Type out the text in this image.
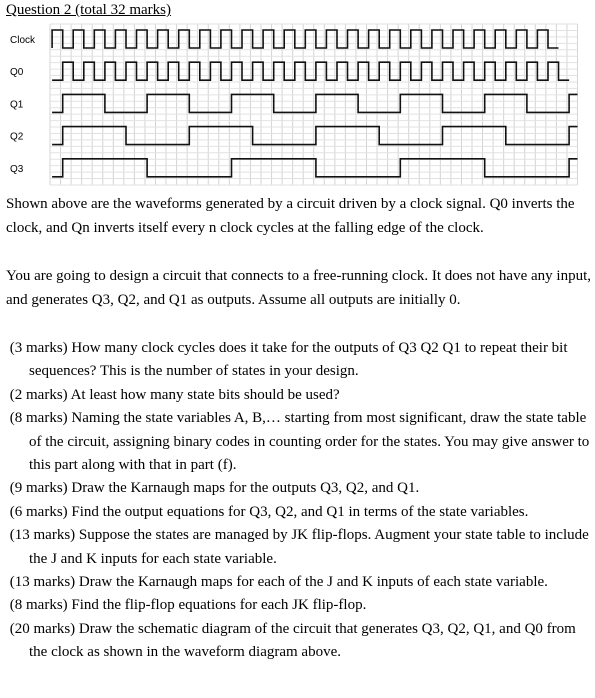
Question 2 (total 32 marks)
Clock
Q0
Q1
Q2
Q3

Shown above are the waveforms generated by a circuit driven by a clock signal. Q0 inverts the clock, and Qn inverts itself every n clock cycles at the falling edge of the clock.

You are going to design a circuit that connects to a free-running clock. It does not have any input, and generates Q3, Q2, and Q1 as outputs. Assume all outputs are initially 0.

(3 marks) How many clock cycles does it take for the outputs of Q3 Q2 Q1 to repeat their bit sequences? This is the number of states in your design.
(2 marks) At least how many state bits should be used?
(8 marks) Naming the state variables A, B,… starting from most significant, draw the state table of the circuit, assigning binary codes in counting order for the states. You may give answer to this part along with that in part (f).
(9 marks) Draw the Karnaugh maps for the outputs Q3, Q2, and Q1.
(6 marks) Find the output equations for Q3, Q2, and Q1 in terms of the state variables.
(13 marks) Suppose the states are managed by JK flip-flops. Augment your state table to include the J and K inputs for each state variable.
(13 marks) Draw the Karnaugh maps for each of the J and K inputs of each state variable.
(8 marks) Find the flip-flop equations for each JK flip-flop.
(20 marks) Draw the schematic diagram of the circuit that generates Q3, Q2, Q1, and Q0 from the clock as shown in the waveform diagram above.
